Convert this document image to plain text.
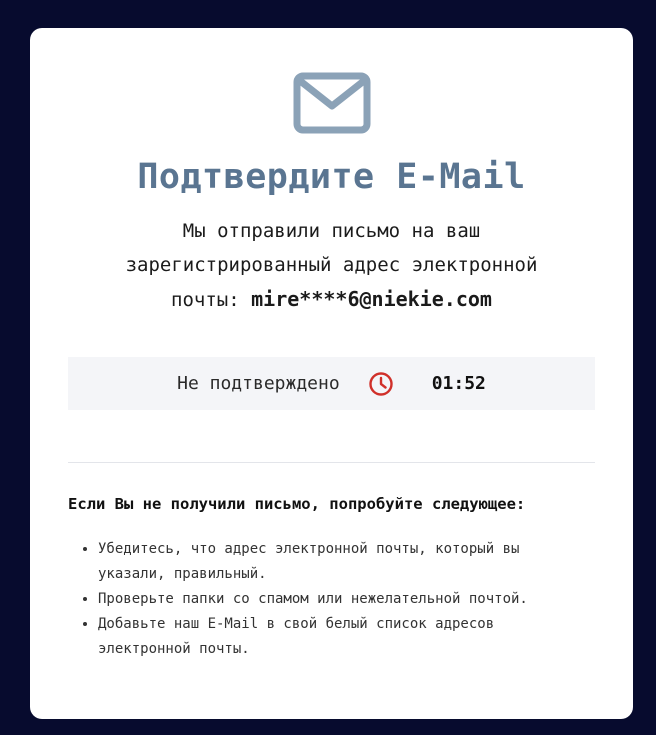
Подтвердите E-Mail
Мы отправили письмо на ваш
зарегистрированный адрес электронной
почты: mire****6@niekie.com
Не подтверждено	01:52
Если Вы не получили письмо, попробуйте следующее:
• Убедитесь, что адрес электронной почты, который вы указали, правильный.
• Проверьте папки со спамом или нежелательной почтой.
• Добавьте наш E-Mail в свой белый список адресов электронной почты.
